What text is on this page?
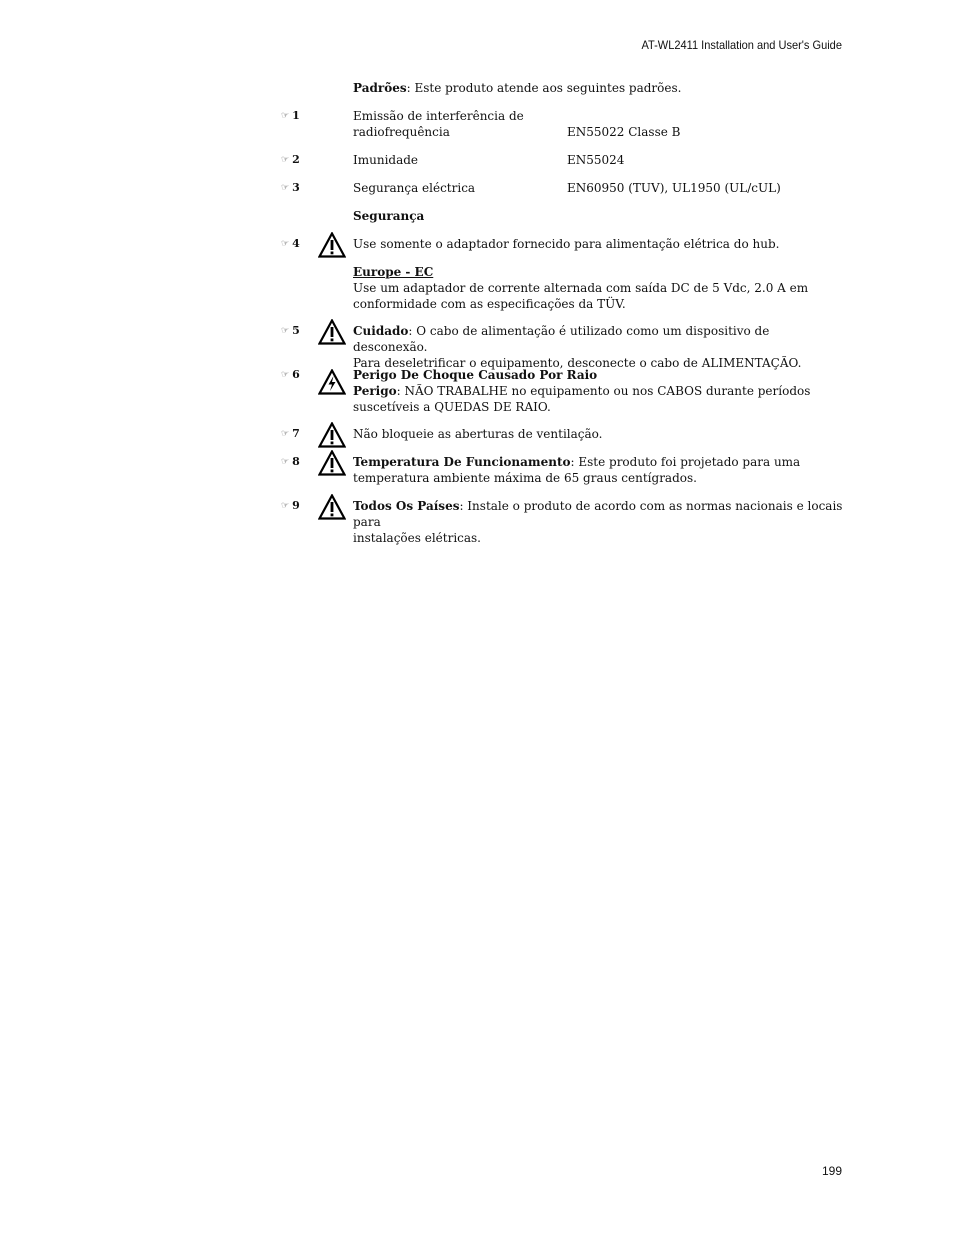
AT-WL2411 Installation and User's Guide
Padrões: Este produto atende aos seguintes padrões.
☞ 1	Emissão de interferência de
radiofrequência	EN55022 Classe B
☞ 2	Imunidade	EN55024
☞ 3	Segurança eléctrica	EN60950 (TUV), UL1950 (UL/cUL)
Segurança
☞ 4	Use somente o adaptador fornecido para alimentação elétrica do hub.
Europe - EC
Use um adaptador de corrente alternada com saída DC de 5 Vdc, 2.0 A em
conformidade com as especificações da TÜV.
☞ 5	Cuidado: O cabo de alimentação é utilizado como um dispositivo de desconexão.
Para deseletrificar o equipamento, desconecte o cabo de ALIMENTAÇÃO.
☞ 6	Perigo De Choque Causado Por Raio
Perigo: NÃO TRABALHE no equipamento ou nos CABOS durante períodos
suscetíveis a QUEDAS DE RAIO.
☞ 7	Não bloqueie as aberturas de ventilação.
☞ 8	Temperatura De Funcionamento: Este produto foi projetado para uma
temperatura ambiente máxima de 65 graus centígrados.
☞ 9	Todos Os Países: Instale o produto de acordo com as normas nacionais e locais para
instalações elétricas.
199
